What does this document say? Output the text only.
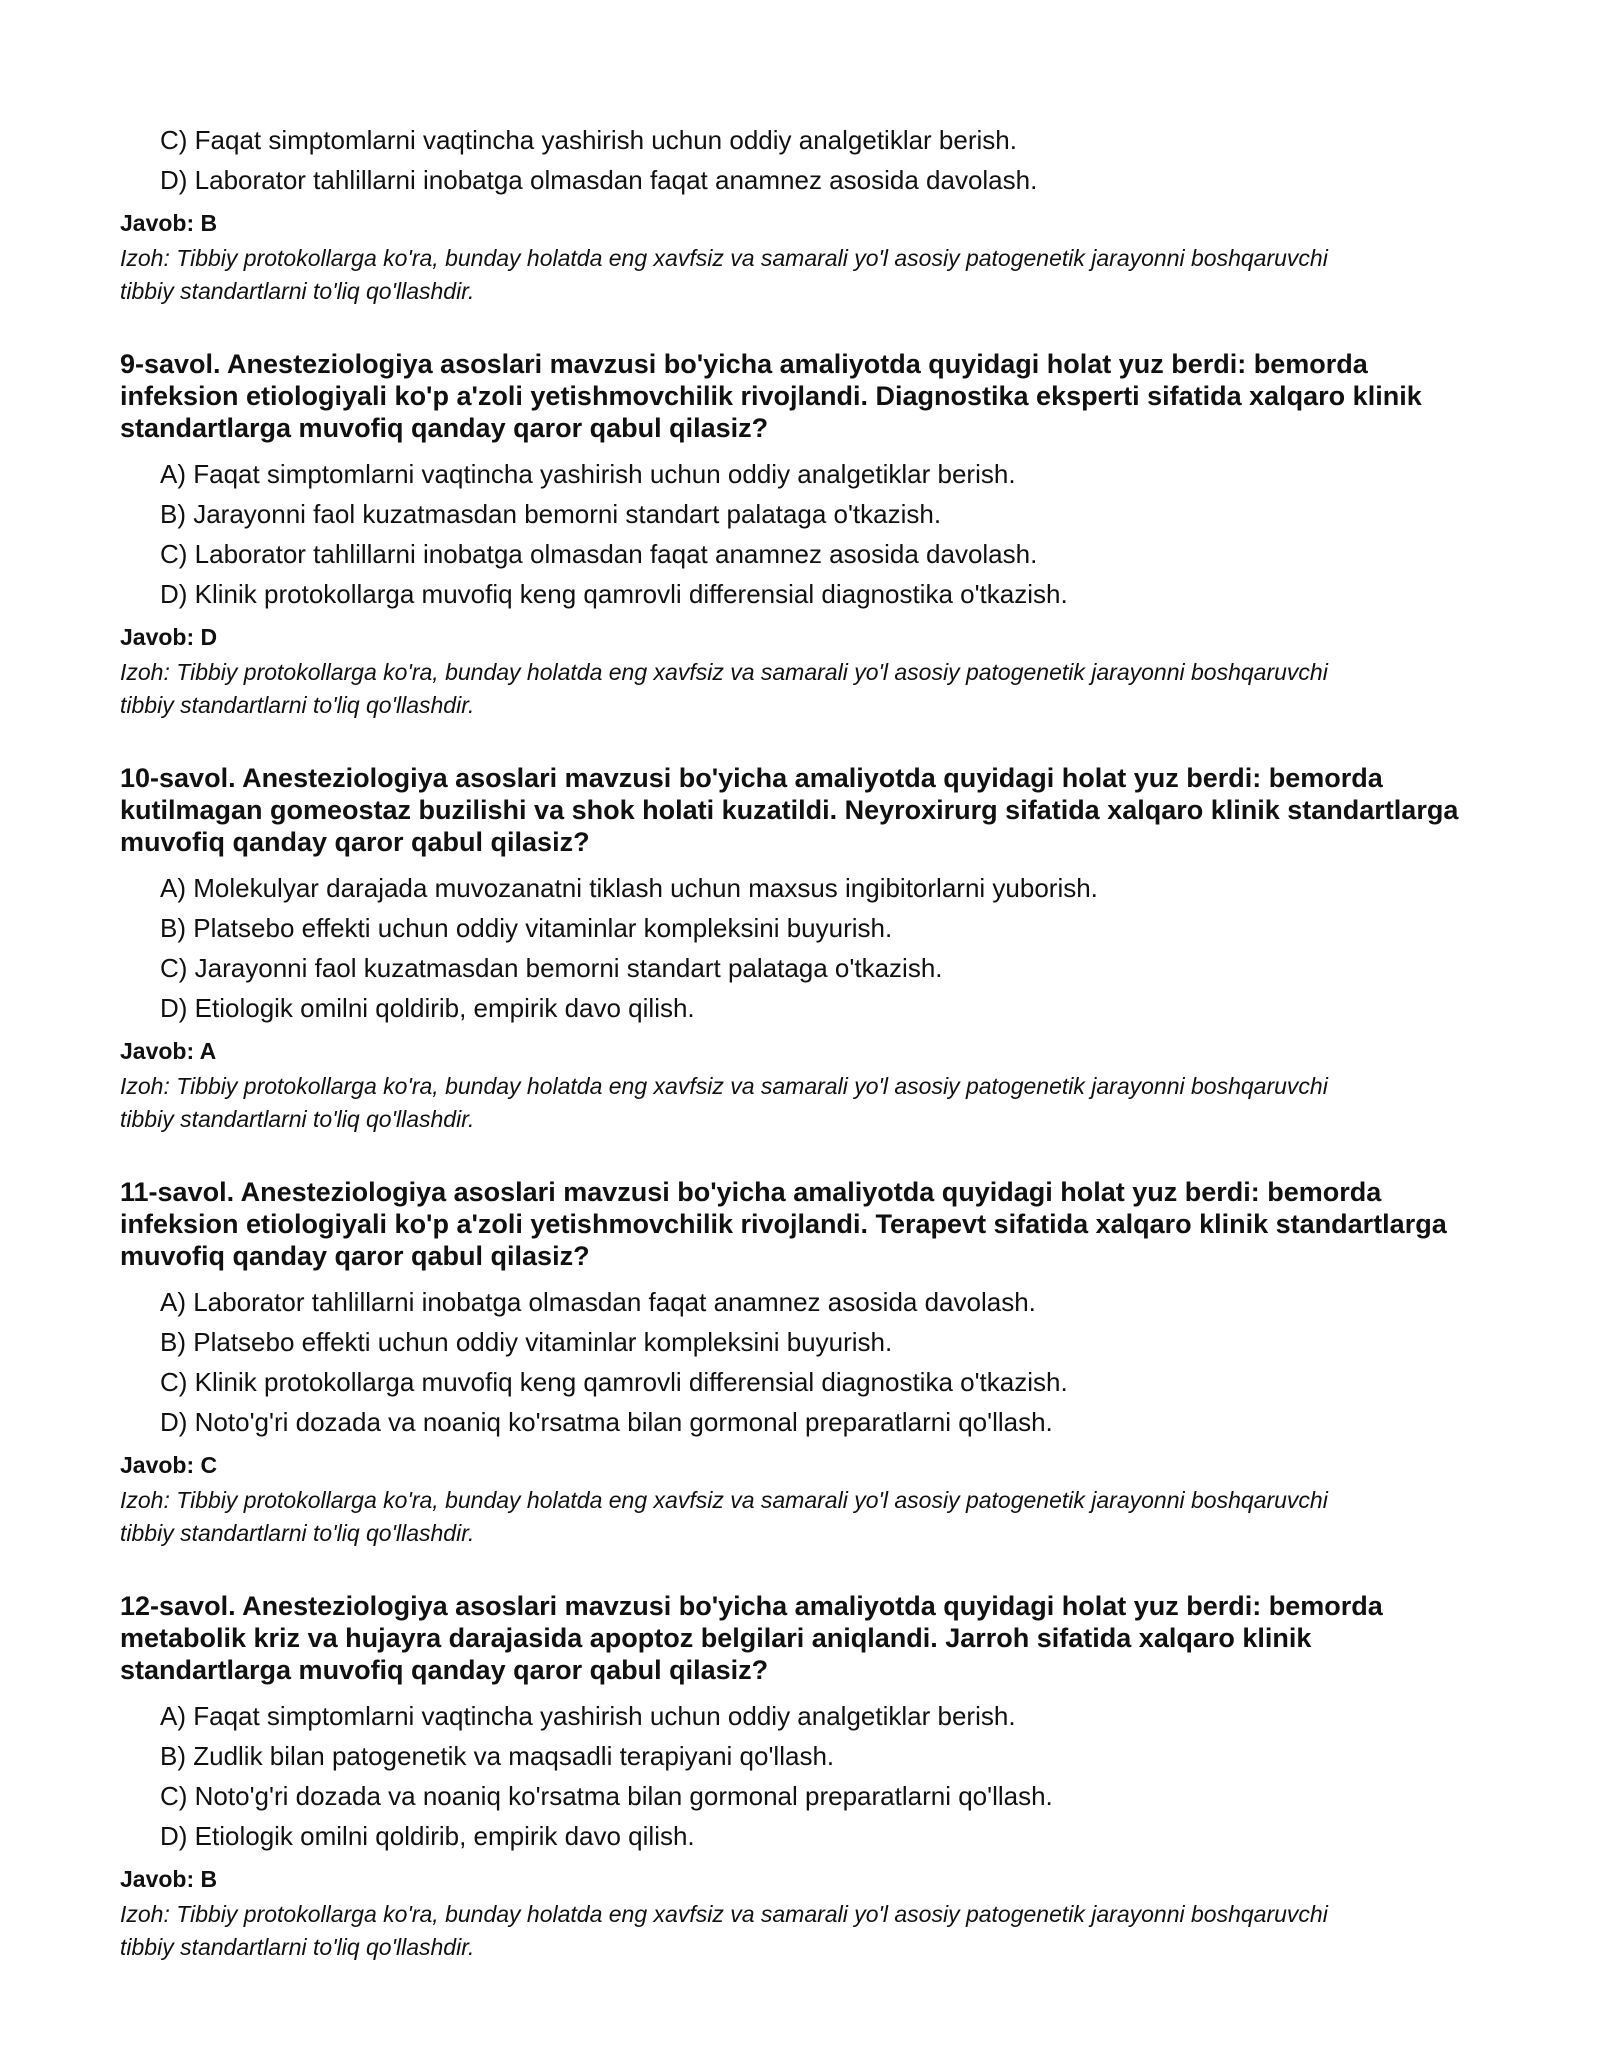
C) Faqat simptomlarni vaqtincha yashirish uchun oddiy analgetiklar berish.
D) Laborator tahlillarni inobatga olmasdan faqat anamnez asosida davolash.
Javob: B
Izoh: Tibbiy protokollarga ko'ra, bunday holatda eng xavfsiz va samarali yo'l asosiy patogenetik jarayonni boshqaruvchi tibbiy standartlarni to'liq qo'llashdir.
9-savol. Anesteziologiya asoslari mavzusi bo'yicha amaliyotda quyidagi holat yuz berdi: bemorda infeksion etiologiyali ko'p a'zoli yetishmovchilik rivojlandi. Diagnostika eksperti sifatida xalqaro klinik standartlarga muvofiq qanday qaror qabul qilasiz?
A) Faqat simptomlarni vaqtincha yashirish uchun oddiy analgetiklar berish.
B) Jarayonni faol kuzatmasdan bemorni standart palataga o'tkazish.
C) Laborator tahlillarni inobatga olmasdan faqat anamnez asosida davolash.
D) Klinik protokollarga muvofiq keng qamrovli differensial diagnostika o'tkazish.
Javob: D
Izoh: Tibbiy protokollarga ko'ra, bunday holatda eng xavfsiz va samarali yo'l asosiy patogenetik jarayonni boshqaruvchi tibbiy standartlarni to'liq qo'llashdir.
10-savol. Anesteziologiya asoslari mavzusi bo'yicha amaliyotda quyidagi holat yuz berdi: bemorda kutilmagan gomeostaz buzilishi va shok holati kuzatildi. Neyroxirurg sifatida xalqaro klinik standartlarga muvofiq qanday qaror qabul qilasiz?
A) Molekulyar darajada muvozanatni tiklash uchun maxsus ingibitorlarni yuborish.
B) Platsebo effekti uchun oddiy vitaminlar kompleksini buyurish.
C) Jarayonni faol kuzatmasdan bemorni standart palataga o'tkazish.
D) Etiologik omilni qoldirib, empirik davo qilish.
Javob: A
Izoh: Tibbiy protokollarga ko'ra, bunday holatda eng xavfsiz va samarali yo'l asosiy patogenetik jarayonni boshqaruvchi tibbiy standartlarni to'liq qo'llashdir.
11-savol. Anesteziologiya asoslari mavzusi bo'yicha amaliyotda quyidagi holat yuz berdi: bemorda infeksion etiologiyali ko'p a'zoli yetishmovchilik rivojlandi. Terapevt sifatida xalqaro klinik standartlarga muvofiq qanday qaror qabul qilasiz?
A) Laborator tahlillarni inobatga olmasdan faqat anamnez asosida davolash.
B) Platsebo effekti uchun oddiy vitaminlar kompleksini buyurish.
C) Klinik protokollarga muvofiq keng qamrovli differensial diagnostika o'tkazish.
D) Noto'g'ri dozada va noaniq ko'rsatma bilan gormonal preparatlarni qo'llash.
Javob: C
Izoh: Tibbiy protokollarga ko'ra, bunday holatda eng xavfsiz va samarali yo'l asosiy patogenetik jarayonni boshqaruvchi tibbiy standartlarni to'liq qo'llashdir.
12-savol. Anesteziologiya asoslari mavzusi bo'yicha amaliyotda quyidagi holat yuz berdi: bemorda metabolik kriz va hujayra darajasida apoptoz belgilari aniqlandi. Jarroh sifatida xalqaro klinik standartlarga muvofiq qanday qaror qabul qilasiz?
A) Faqat simptomlarni vaqtincha yashirish uchun oddiy analgetiklar berish.
B) Zudlik bilan patogenetik va maqsadli terapiyani qo'llash.
C) Noto'g'ri dozada va noaniq ko'rsatma bilan gormonal preparatlarni qo'llash.
D) Etiologik omilni qoldirib, empirik davo qilish.
Javob: B
Izoh: Tibbiy protokollarga ko'ra, bunday holatda eng xavfsiz va samarali yo'l asosiy patogenetik jarayonni boshqaruvchi tibbiy standartlarni to'liq qo'llashdir.
